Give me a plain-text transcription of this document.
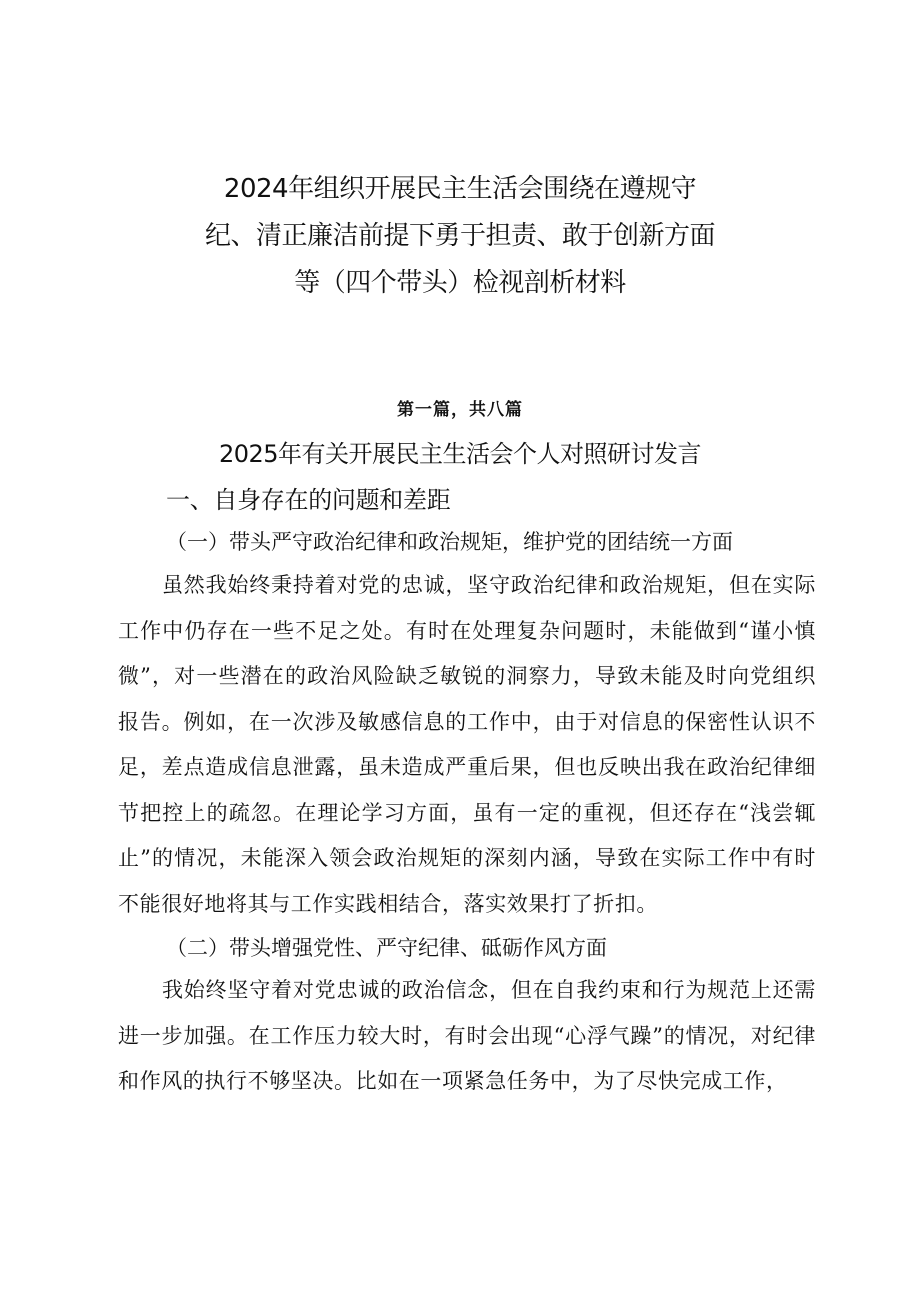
2024年组织开展民主生活会围绕在遵规守
纪、清正廉洁前提下勇于担责、敢于创新方面
等（四个带头）检视剖析材料
第一篇，共八篇
2025年有关开展民主生活会个人对照研讨发言
一、自身存在的问题和差距
（一）带头严守政治纪律和政治规矩，维护党的团结统一方面

虽然我始终秉持着对党的忠诚，坚守政治纪律和政治规矩，但在实际工作中仍存在一些不足之处。有时在处理复杂问题时，未能做到“谨小慎微”，对一些潜在的政治风险缺乏敏锐的洞察力，导致未能及时向党组织报告。例如，在一次涉及敏感信息的工作中，由于对信息的保密性认识不足，差点造成信息泄露，虽未造成严重后果，但也反映出我在政治纪律细节把控上的疏忽。在理论学习方面，虽有一定的重视，但还存在“浅尝辄止”的情况，未能深入领会政治规矩的深刻内涵，导致在实际工作中有时不能很好地将其与工作实践相结合，落实效果打了折扣。

（二）带头增强党性、严守纪律、砥砺作风方面

我始终坚守着对党忠诚的政治信念，但在自我约束和行为规范上还需进一步加强。在工作压力较大时，有时会出现“心浮气躁”的情况，对纪律和作风的执行不够坚决。比如在一项紧急任务中，为了尽快完成工作，
